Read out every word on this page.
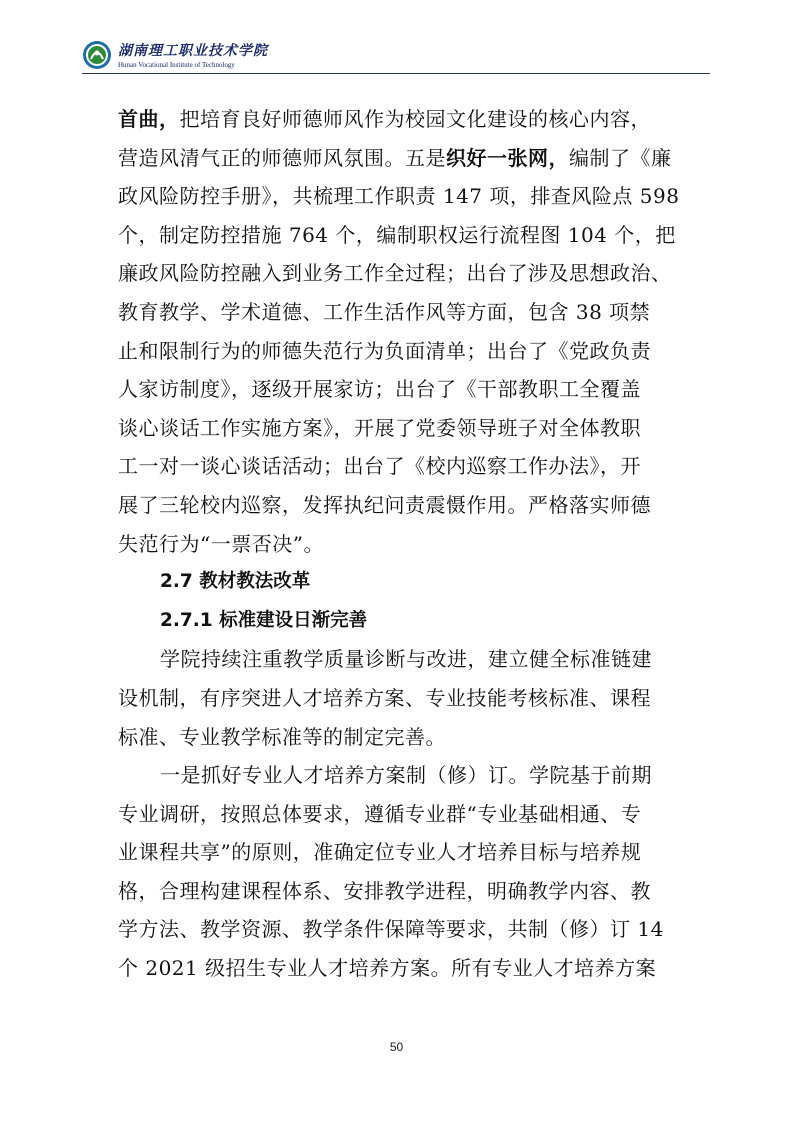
湖南理工职业技术学院
Hunan Vocational Institute of Technology
首曲，把培育良好师德师风作为校园文化建设的核心内容，
营造风清气正的师德师风氛围。五是织好一张网，编制了《廉
政风险防控手册》，共梳理工作职责 147 项，排查风险点 598
个，制定防控措施 764 个，编制职权运行流程图 104 个，把
廉政风险防控融入到业务工作全过程；出台了涉及思想政治、
教育教学、学术道德、工作生活作风等方面，包含 38 项禁
止和限制行为的师德失范行为负面清单；出台了《党政负责
人家访制度》，逐级开展家访；出台了《干部教职工全覆盖
谈心谈话工作实施方案》，开展了党委领导班子对全体教职
工一对一谈心谈话活动；出台了《校内巡察工作办法》，开
展了三轮校内巡察，发挥执纪问责震慑作用。严格落实师德
失范行为“一票否决”。
2.7 教材教法改革
2.7.1 标准建设日渐完善
学院持续注重教学质量诊断与改进，建立健全标准链建
设机制，有序突进人才培养方案、专业技能考核标准、课程
标准、专业教学标准等的制定完善。
一是抓好专业人才培养方案制（修）订。学院基于前期
专业调研，按照总体要求，遵循专业群“专业基础相通、专
业课程共享”的原则，准确定位专业人才培养目标与培养规
格，合理构建课程体系、安排教学进程，明确教学内容、教
学方法、教学资源、教学条件保障等要求，共制（修）订 14
个 2021 级招生专业人才培养方案。所有专业人才培养方案
50
